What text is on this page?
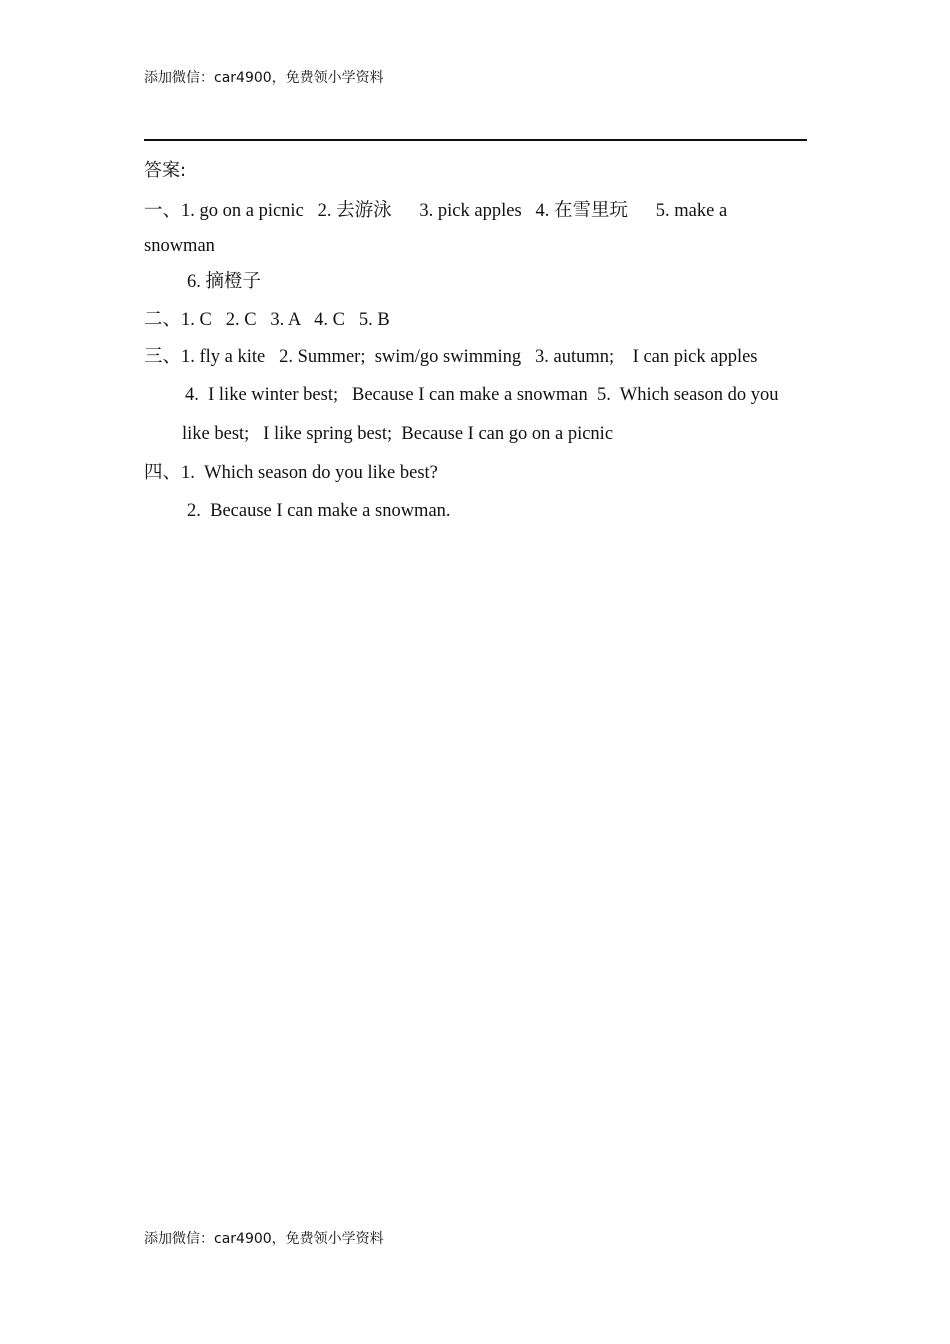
添加微信：car4900，免费领小学资料
答案:
一、1. go on a picnic   2. 去游泳      3. pick apples   4. 在雪里玩      5. make a
snowman
6. 摘橙子
二、1. C   2. C   3. A   4. C   5. B
三、1. fly a kite   2. Summer;  swim/go swimming   3. autumn;    I can pick apples
4.  I like winter best;   Because I can make a snowman  5.  Which season do you
like best;   I like spring best;  Because I can go on a picnic
四、1.  Which season do you like best?
2.  Because I can make a snowman.
添加微信：car4900，免费领小学资料
